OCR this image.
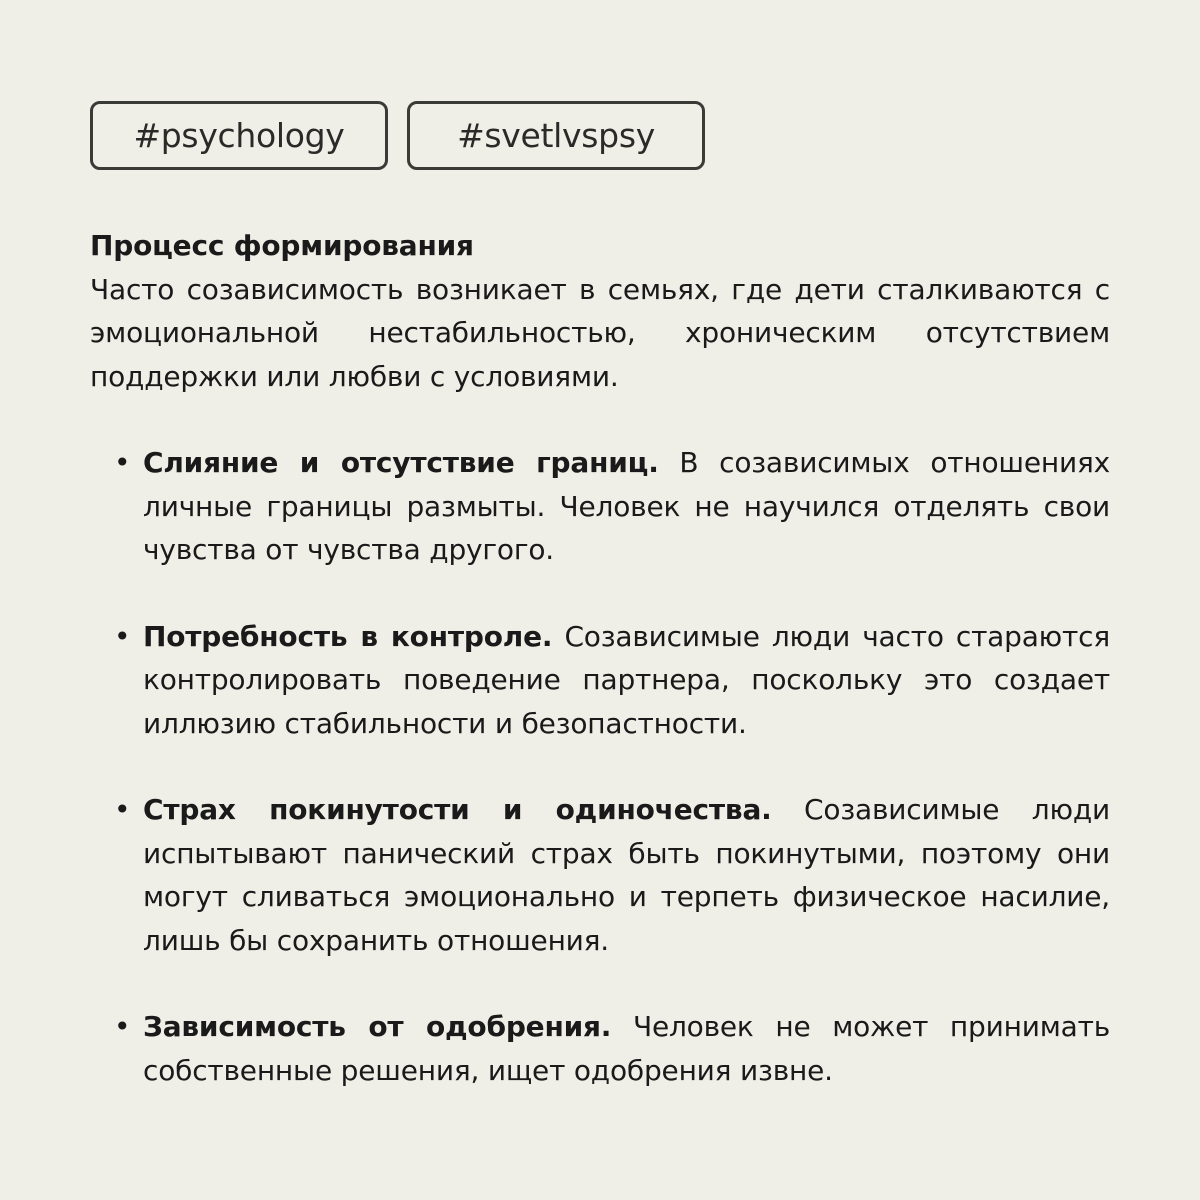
#psychology	#svetlvspsy

Процесс формирования

Часто созависимость возникает в семьях, где дети сталкиваются с эмоциональной нестабильностью, хроническим отсутствием поддержки или любви с условиями.

• Слияние и отсутствие границ. В созависимых отношениях личные границы размыты. Человек не научился отделять свои чувства от чувства другого.
• Потребность в контроле. Созависимые люди часто стараются контролировать поведение партнера, поскольку это создает иллюзию стабильности и безопастности.
• Страх покинутости и одиночества. Созависимые люди испытывают панический страх быть покинутыми, поэтому они могут сливаться эмоционально и терпеть физическое насилие, лишь бы сохранить отношения.
• Зависимость от одобрения. Человек не может принимать собственные решения, ищет одобрения извне.
